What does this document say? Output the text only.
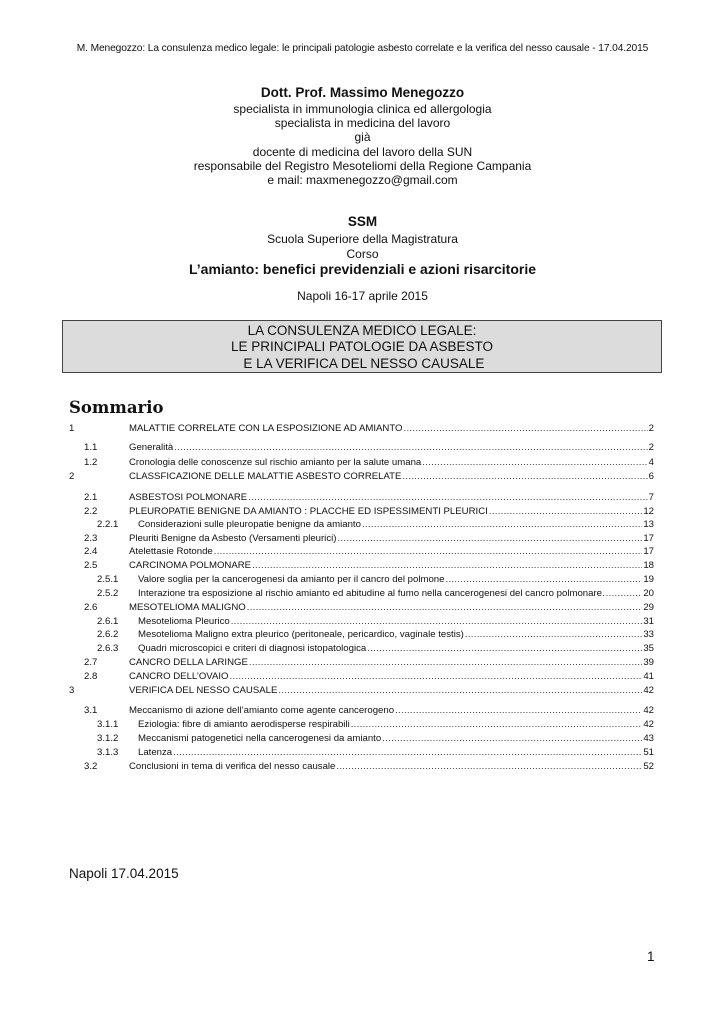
M. Menegozzo: La consulenza medico legale: le principali patologie asbesto correlate e la verifica del nesso causale - 17.04.2015
Dott. Prof. Massimo Menegozzo
specialista in immunologia clinica ed allergologia
specialista in medicina del lavoro
già
docente di medicina del lavoro della SUN
responsabile del Registro Mesoteliomi della Regione Campania
e mail: maxmenegozzo@gmail.com
SSM
Scuola Superiore della Magistratura
Corso
L’amianto: benefici previdenziali e azioni risarcitorie
Napoli 16-17 aprile 2015
LA CONSULENZA MEDICO LEGALE:
LE PRINCIPALI PATOLOGIE DA ASBESTO
E LA VERIFICA DEL NESSO CAUSALE
Sommario
1	MALATTIE CORRELATE CON LA ESPOSIZIONE AD AMIANTO .....	2
1.1	Generalità .....	2
1.2	Cronologia delle conoscenze sul rischio amianto per la salute umana .....	4
2	CLASSFICAZIONE DELLE MALATTIE ASBESTO CORRELATE .....	6
2.1	ASBESTOSI POLMONARE .....	7
2.2	PLEUROPATIE BENIGNE DA AMIANTO : PLACCHE ED ISPESSIMENTI PLEURICI .....	12
2.2.1 Considerazioni sulle pleuropatie benigne da amianto .....	13
2.3	Pleuriti Benigne da Asbesto (Versamenti pleurici) .....	17
2.4	Atelettasie Rotonde .....	17
2.5	CARCINOMA POLMONARE .....	18
2.5.1 Valore soglia per la cancerogenesi da amianto per il cancro del polmone .....	19
2.5.2 Interazione tra esposizione al rischio amianto ed abitudine al fumo nella cancerogenesi del cancro polmonare. .....	20
2.6	MESOTELIOMA MALIGNO .....	29
2.6.1 Mesotelioma Pleurico .....	31
2.6.2 Mesotelioma Maligno extra pleurico (peritoneale, pericardico, vaginale testis) .....	33
2.6.3 Quadri microscopici e criteri di diagnosi istopatologica .....	35
2.7	CANCRO DELLA LARINGE .....	39
2.8	CANCRO DELL’OVAIO .....	41
3	VERIFICA DEL NESSO CAUSALE .....	42
3.1	Meccanismo di azione dell’amianto come agente cancerogeno .....	42
3.1.1 Eziologia: fibre di amianto aerodisperse respirabili .....	42
3.1.2 Meccanismi patogenetici nella cancerogenesi da amianto .....	43
3.1.3 Latenza .....	51
3.2	Conclusioni in tema di verifica del nesso causale .....	52
Napoli 17.04.2015
1
